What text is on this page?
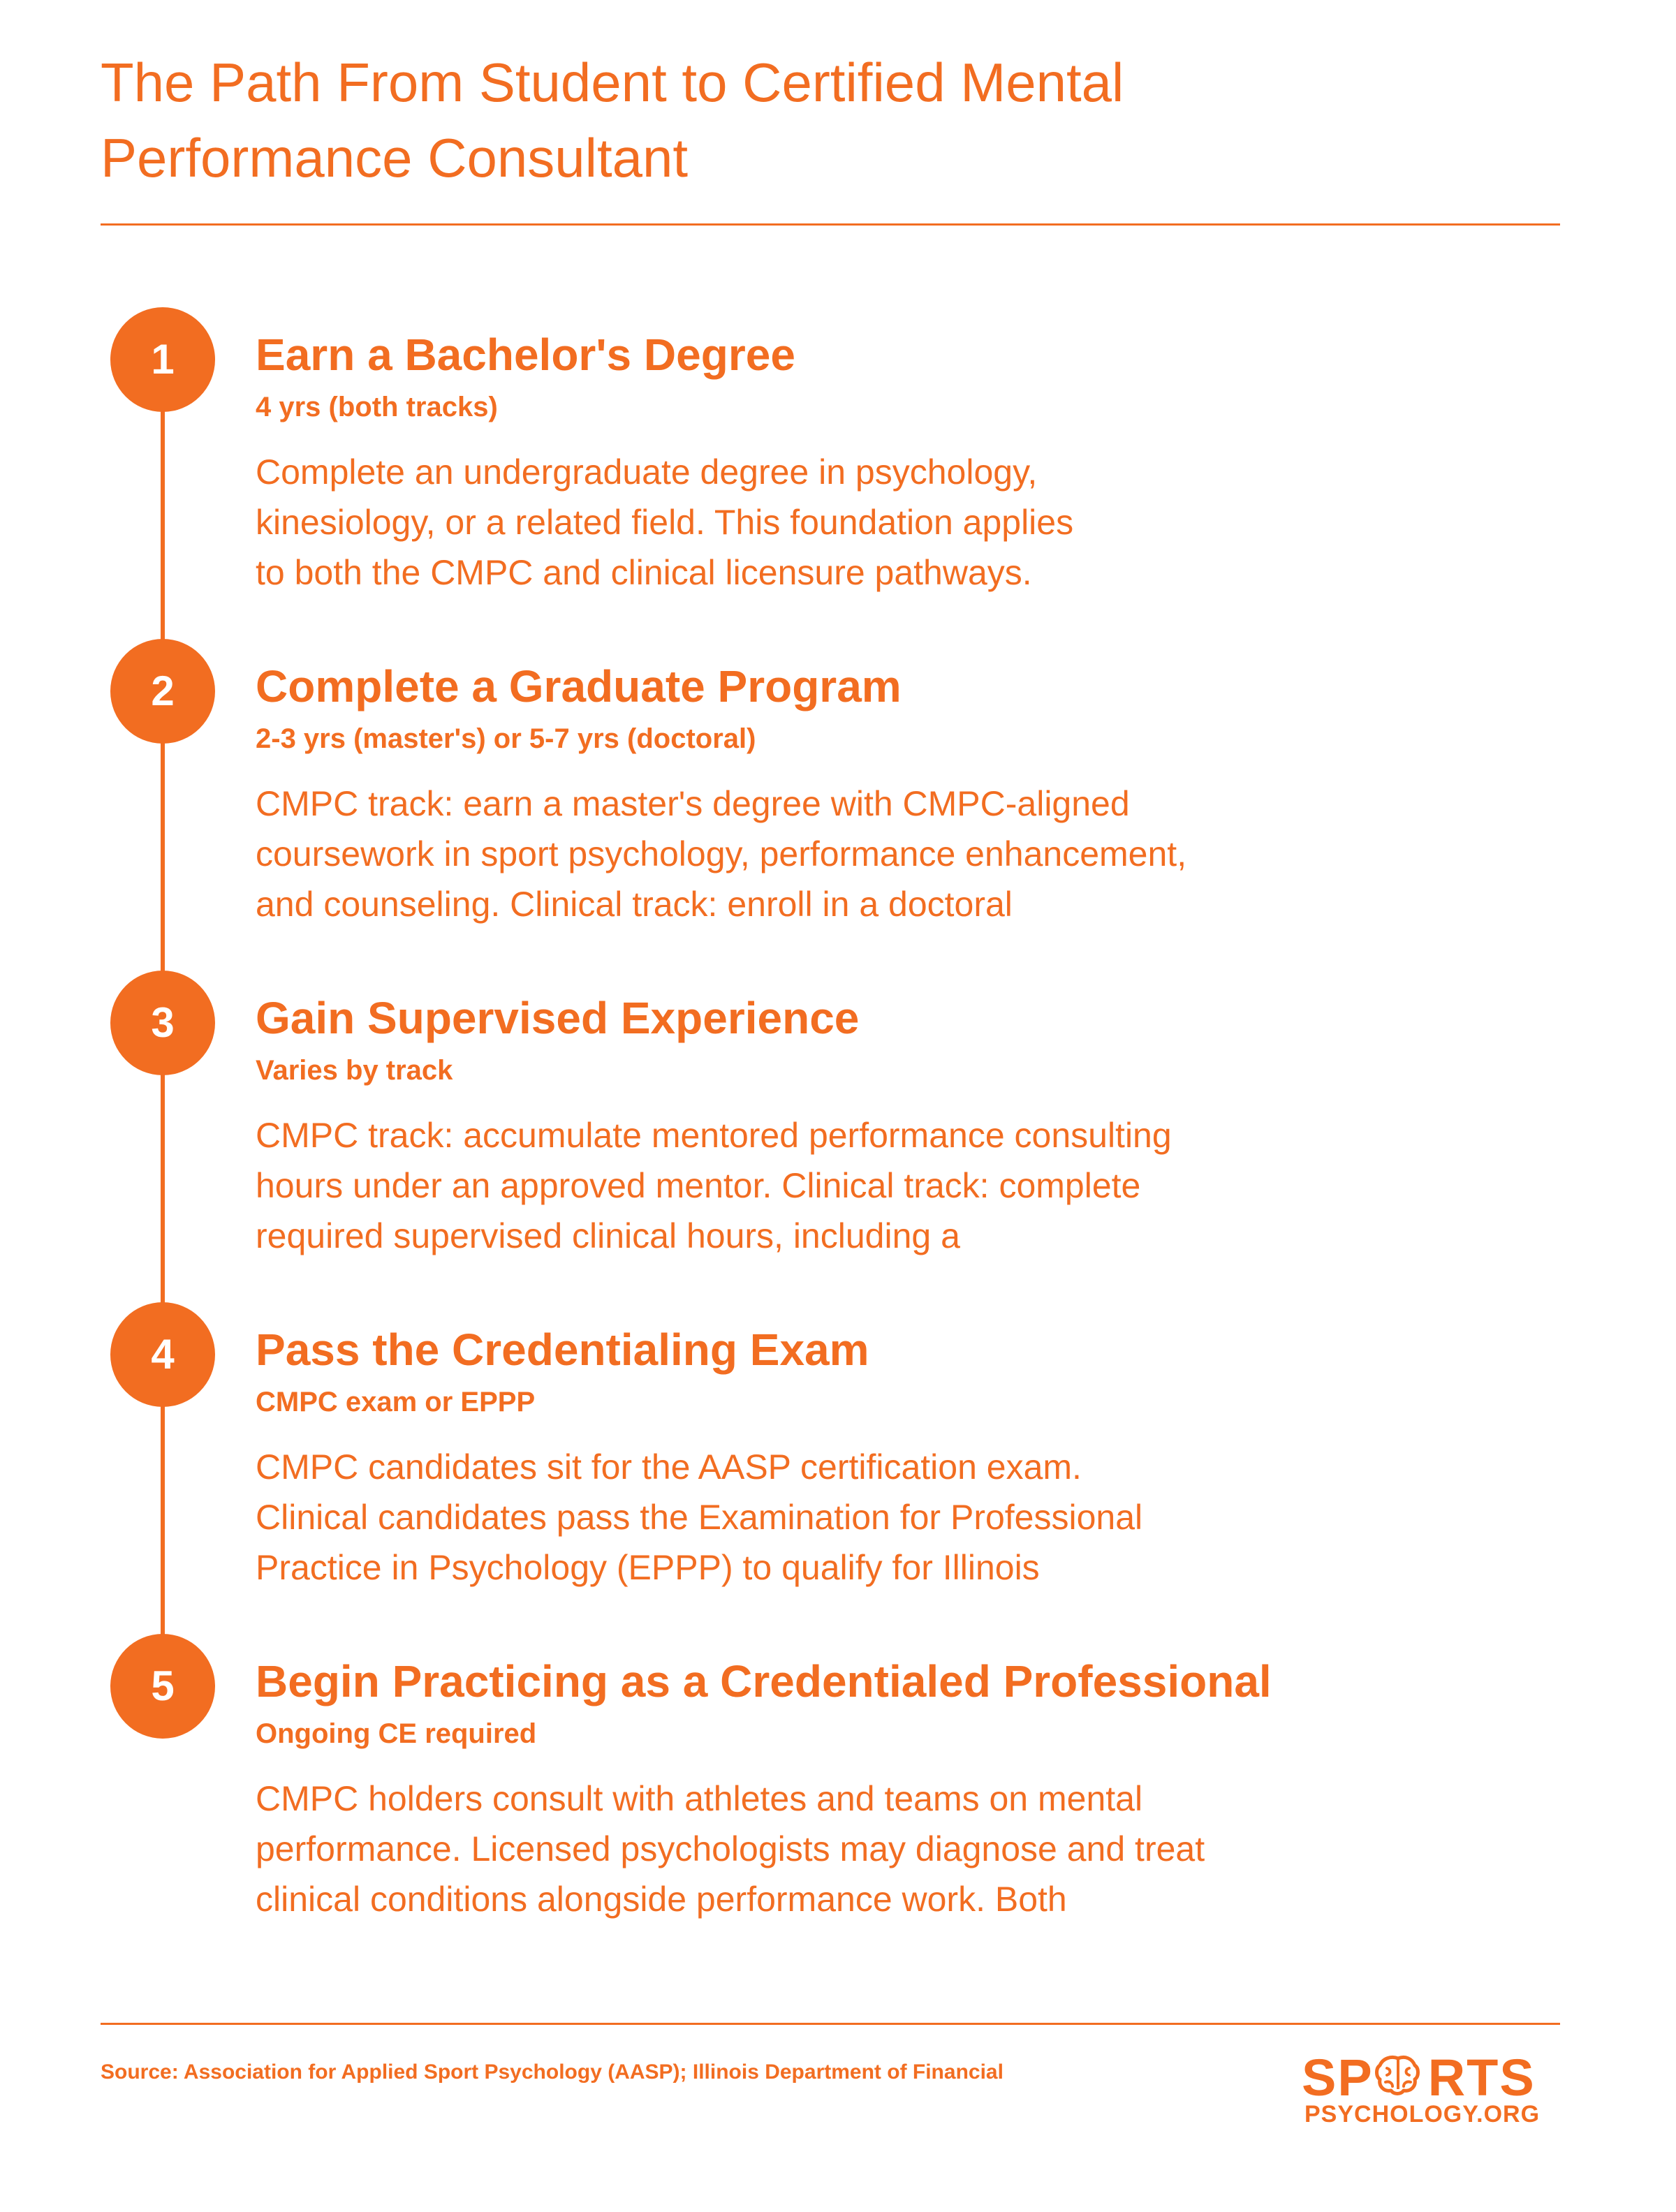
The Path From Student to Certified Mental
Performance Consultant
1	Earn a Bachelor's Degree
4 yrs (both tracks)
Complete an undergraduate degree in psychology,
kinesiology, or a related field. This foundation applies
to both the CMPC and clinical licensure pathways.
2	Complete a Graduate Program
2-3 yrs (master's) or 5-7 yrs (doctoral)
CMPC track: earn a master's degree with CMPC-aligned
coursework in sport psychology, performance enhancement,
and counseling. Clinical track: enroll in a doctoral
3	Gain Supervised Experience
Varies by track
CMPC track: accumulate mentored performance consulting
hours under an approved mentor. Clinical track: complete
required supervised clinical hours, including a
4	Pass the Credentialing Exam
CMPC exam or EPPP
CMPC candidates sit for the AASP certification exam.
Clinical candidates pass the Examination for Professional
Practice in Psychology (EPPP) to qualify for Illinois
5	Begin Practicing as a Credentialed Professional
Ongoing CE required
CMPC holders consult with athletes and teams on mental
performance. Licensed psychologists may diagnose and treat
clinical conditions alongside performance work. Both
Source: Association for Applied Sport Psychology (AASP); Illinois Department of Financial	SP RTS
PSYCHOLOGY.ORG
